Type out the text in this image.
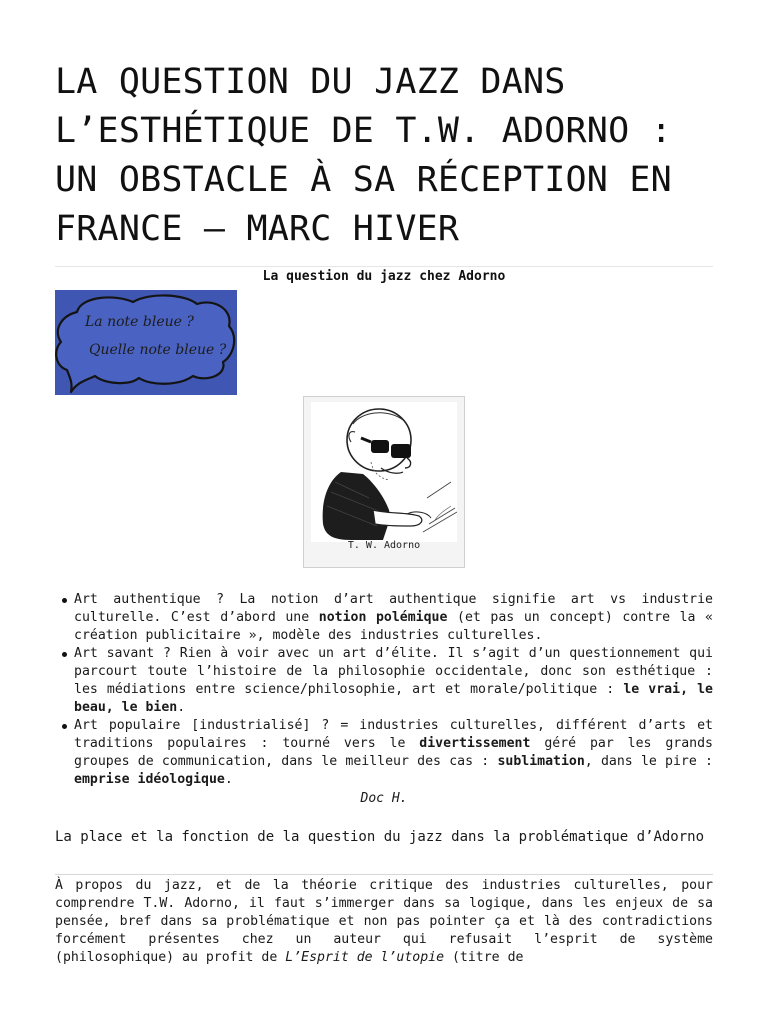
LA QUESTION DU JAZZ DANS L’ESTHÉTIQUE DE T.W. ADORNO : UN OBSTACLE À SA RÉCEPTION EN FRANCE – MARC HIVER
La question du jazz chez Adorno
La note bleue ?
Quelle note bleue ?
T. W. Adorno
Art authentique ? La notion d’art authentique signifie art vs industrie culturelle. C’est d’abord une notion polémique (et pas un concept) contre la « création publicitaire », modèle des industries culturelles.
Art savant ? Rien à voir avec un art d’élite. Il s’agit d’un questionnement qui parcourt toute l’histoire de la philosophie occidentale, donc son esthétique : les médiations entre science/philosophie, art et morale/politique : le vrai, le beau, le bien.
Art populaire [industrialisé] ? = industries culturelles, différent d’arts et traditions populaires : tourné vers le divertissement géré par les grands groupes de communication, dans le meilleur des cas : sublimation, dans le pire : emprise idéologique.
Doc H.
La place et la fonction de la question du jazz dans la problématique d’Adorno
À propos du jazz, et de la théorie critique des industries culturelles, pour comprendre T.W. Adorno, il faut s’immerger dans sa logique, dans les enjeux de sa pensée, bref dans sa problématique et non pas pointer ça et là des contradictions forcément présentes chez un auteur qui refusait l’esprit de système (philosophique) au profit de L’Esprit de l’utopie (titre de
